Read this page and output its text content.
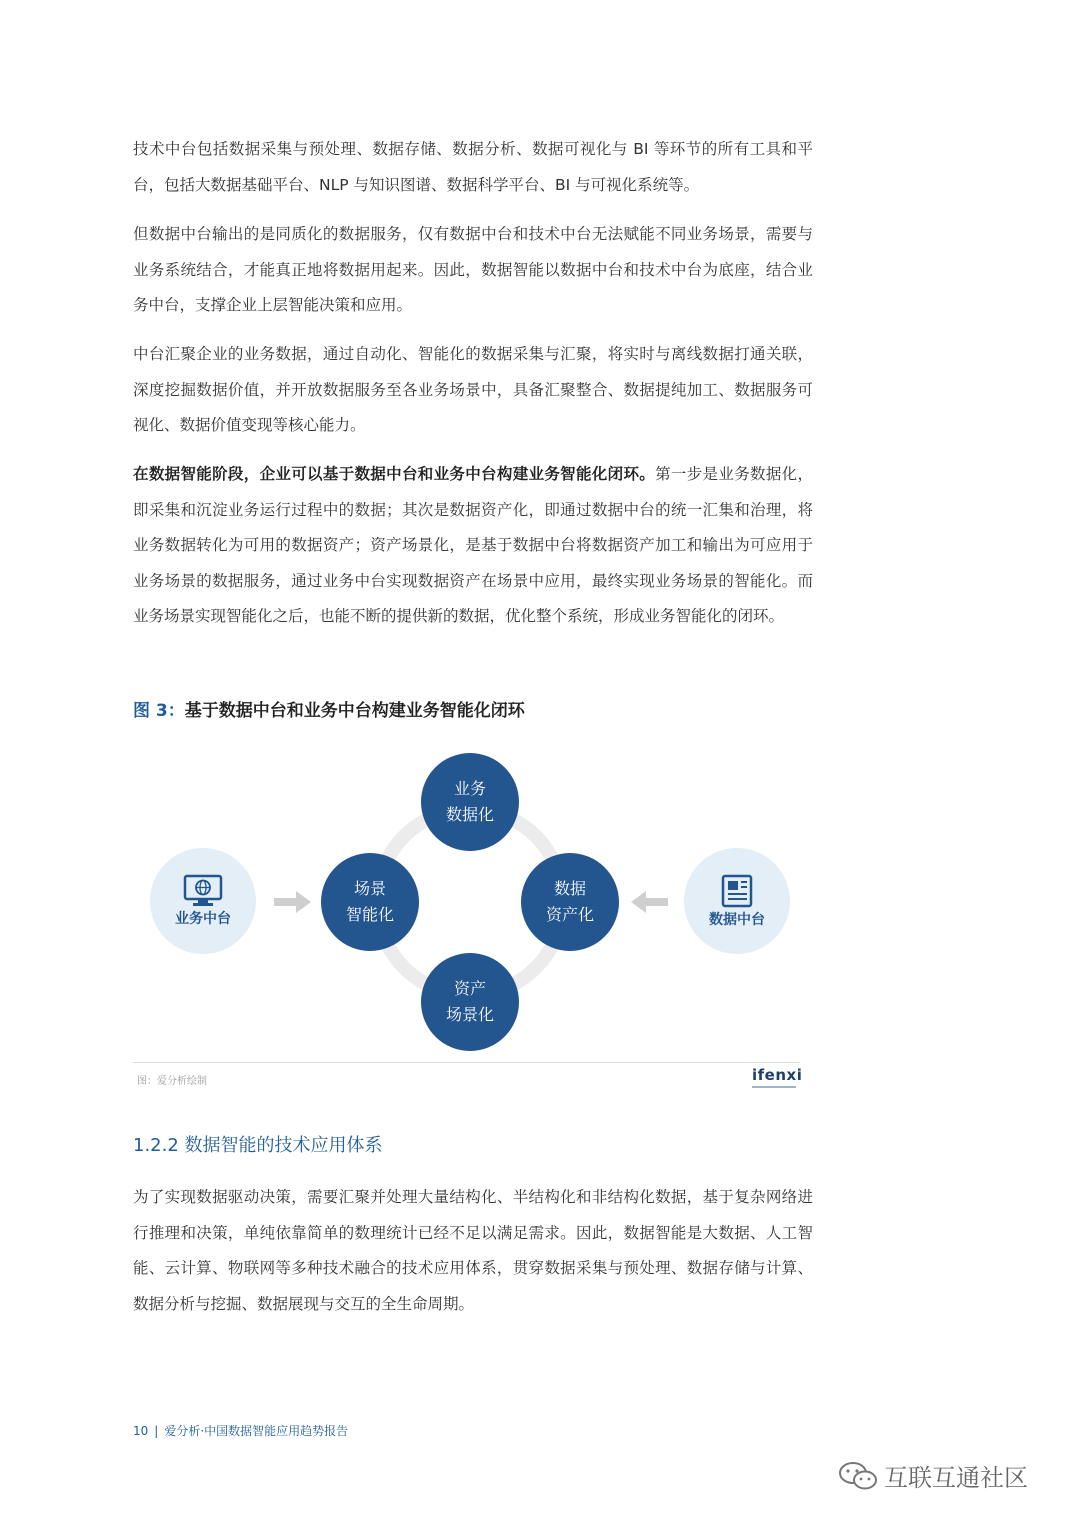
技术中台包括数据采集与预处理、数据存储、数据分析、数据可视化与 BI 等环节的所有工具和平台，包括大数据基础平台、NLP 与知识图谱、数据科学平台、BI 与可视化系统等。

但数据中台输出的是同质化的数据服务，仅有数据中台和技术中台无法赋能不同业务场景，需要与业务系统结合，才能真正地将数据用起来。因此，数据智能以数据中台和技术中台为底座，结合业务中台，支撑企业上层智能决策和应用。

中台汇聚企业的业务数据，通过自动化、智能化的数据采集与汇聚，将实时与离线数据打通关联，深度挖掘数据价值，并开放数据服务至各业务场景中，具备汇聚整合、数据提纯加工、数据服务可视化、数据价值变现等核心能力。

在数据智能阶段，企业可以基于数据中台和业务中台构建业务智能化闭环。第一步是业务数据化，即采集和沉淀业务运行过程中的数据；其次是数据资产化，即通过数据中台的统一汇集和治理，将业务数据转化为可用的数据资产；资产场景化，是基于数据中台将数据资产加工和输出为可应用于业务场景的数据服务，通过业务中台实现数据资产在场景中应用，最终实现业务场景的智能化。而业务场景实现智能化之后，也能不断的提供新的数据，优化整个系统，形成业务智能化的闭环。

图 3：基于数据中台和业务中台构建业务智能化闭环
业务中台
场景
智能化
业务
数据化
数据
资产化
资产
场景化
数据中台
图：爱分析绘制	ifenxi
1.2.2 数据智能的技术应用体系

为了实现数据驱动决策，需要汇聚并处理大量结构化、半结构化和非结构化数据，基于复杂网络进行推理和决策，单纯依靠简单的数理统计已经不足以满足需求。因此，数据智能是大数据、人工智能、云计算、物联网等多种技术融合的技术应用体系，贯穿数据采集与预处理、数据存储与计算、数据分析与挖掘、数据展现与交互的全生命周期。

10 | 爱分析·中国数据智能应用趋势报告
互联互通社区
